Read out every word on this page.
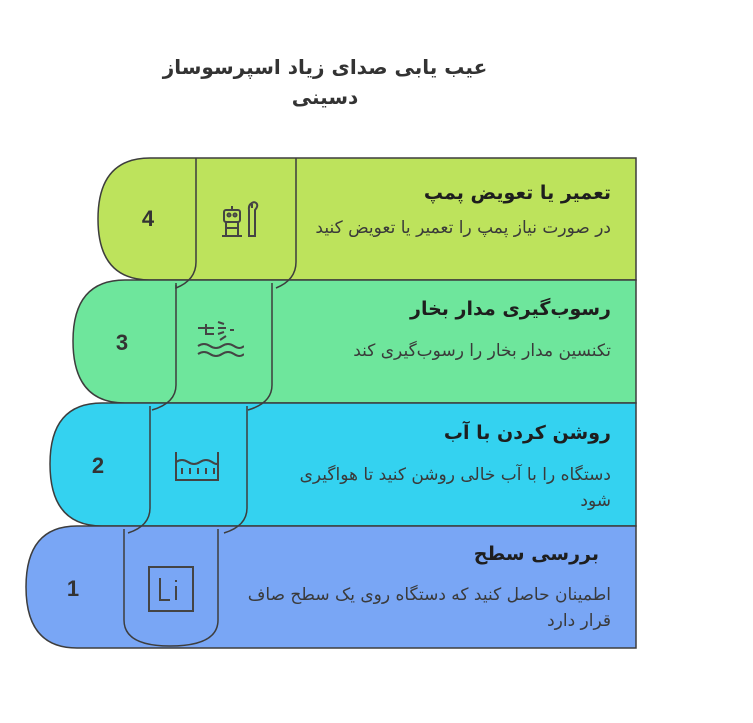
عیب یابی صدای زیاد اسپرسوساز دسینی
4
3
2
1
تعمیر یا تعویض پمپ
در صورت نیاز پمپ را تعمیر یا تعویض کنید
رسوب‌گیری مدار بخار
تکنسین مدار بخار را رسوب‌گیری کند
روشن کردن با آب
دستگاه را با آب خالی روشن کنید تا هواگیری شود
بررسی سطح
اطمینان حاصل کنید که دستگاه روی یک سطح صاف قرار دارد
